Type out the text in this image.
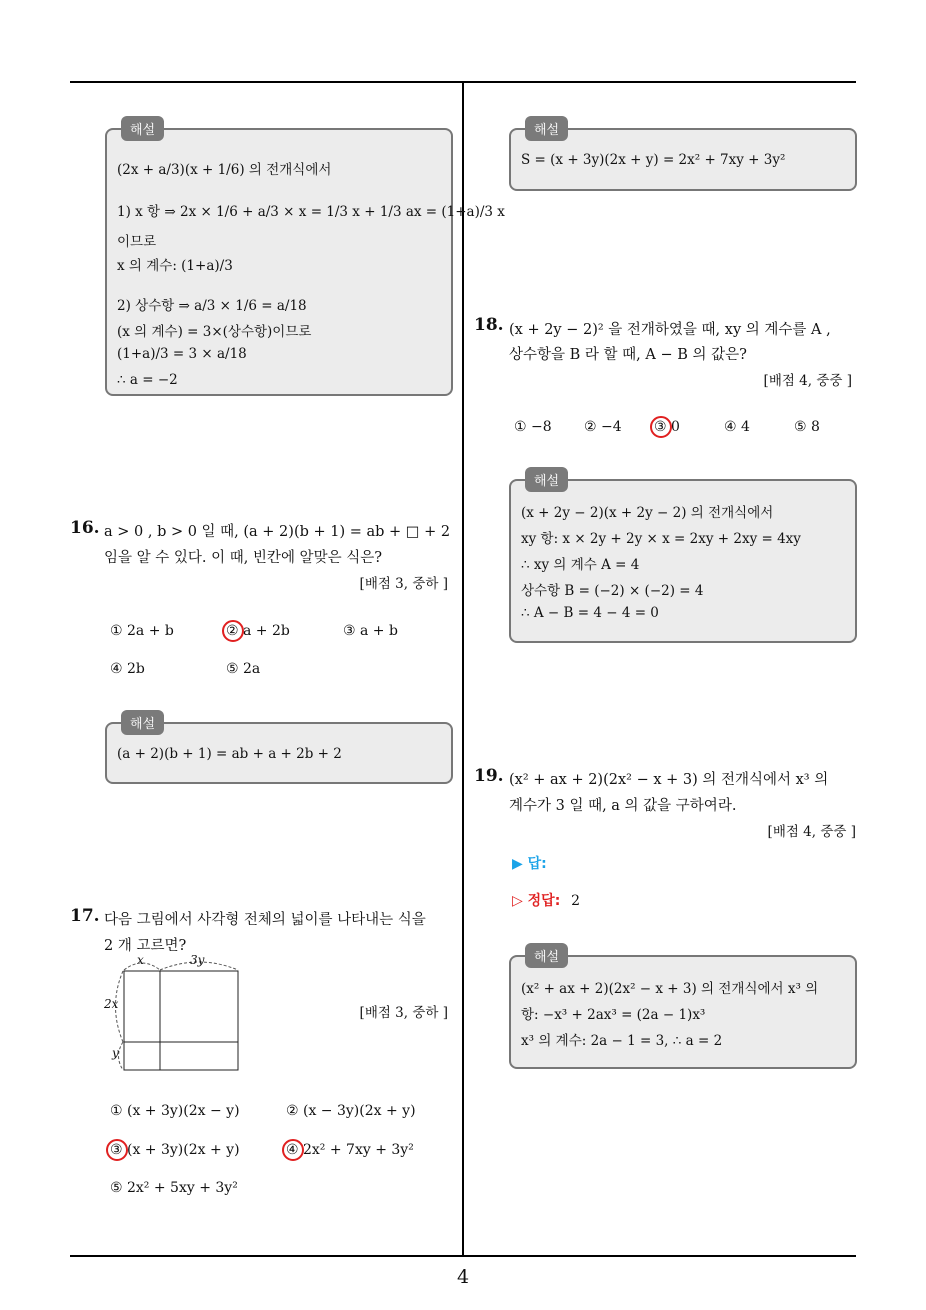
4
해설
(2x + a/3)(x + 1/6) 의 전개식에서
1) x 항 ⇒ 2x × 1/6 + a/3 × x = 1/3 x + 1/3 ax = (1+a)/3 x
이므로
x 의 계수: (1+a)/3
2) 상수항 ⇒ a/3 × 1/6 = a/18
(x 의 계수) = 3×(상수항)이므로
(1+a)/3 = 3 × a/18
∴ a = −2
16. a > 0 , b > 0 일 때, (a + 2)(b + 1) = ab + □ + 2
임을 알 수 있다. 이 때, 빈칸에 알맞은 식은?
[배점 3, 중하 ]
① 2a + b	② a + 2b	③ a + b
④ 2b	⑤ 2a
해설
(a + 2)(b + 1) = ab + a + 2b + 2
17. 다음 그림에서 사각형 전체의 넓이를 나타내는 식을
2 개 고르면?
x	3y
2x
y
[배점 3, 중하 ]
① (x + 3y)(2x − y)	② (x − 3y)(2x + y)
③ (x + 3y)(2x + y)	④ 2x² + 7xy + 3y²
⑤ 2x² + 5xy + 3y²
해설
S = (x + 3y)(2x + y) = 2x² + 7xy + 3y²
18. (x + 2y − 2)² 을 전개하였을 때, xy 의 계수를 A ,
상수항을 B 라 할 때, A − B 의 값은?
[배점 4, 중중 ]
① −8 ② −4 ③ 0	④ 4	⑤ 8
해설
(x + 2y − 2)(x + 2y − 2) 의 전개식에서
xy 항: x × 2y + 2y × x = 2xy + 2xy = 4xy
∴ xy 의 계수 A = 4
상수항 B = (−2) × (−2) = 4
∴ A − B = 4 − 4 = 0
19. (x² + ax + 2)(2x² − x + 3) 의 전개식에서 x³ 의
계수가 3 일 때, a 의 값을 구하여라.
[배점 4, 중중 ]
▶ 답:
▷ 정답: 2
해설
(x² + ax + 2)(2x² − x + 3) 의 전개식에서 x³ 의
항: −x³ + 2ax³ = (2a − 1)x³
x³ 의 계수: 2a − 1 = 3, ∴ a = 2
